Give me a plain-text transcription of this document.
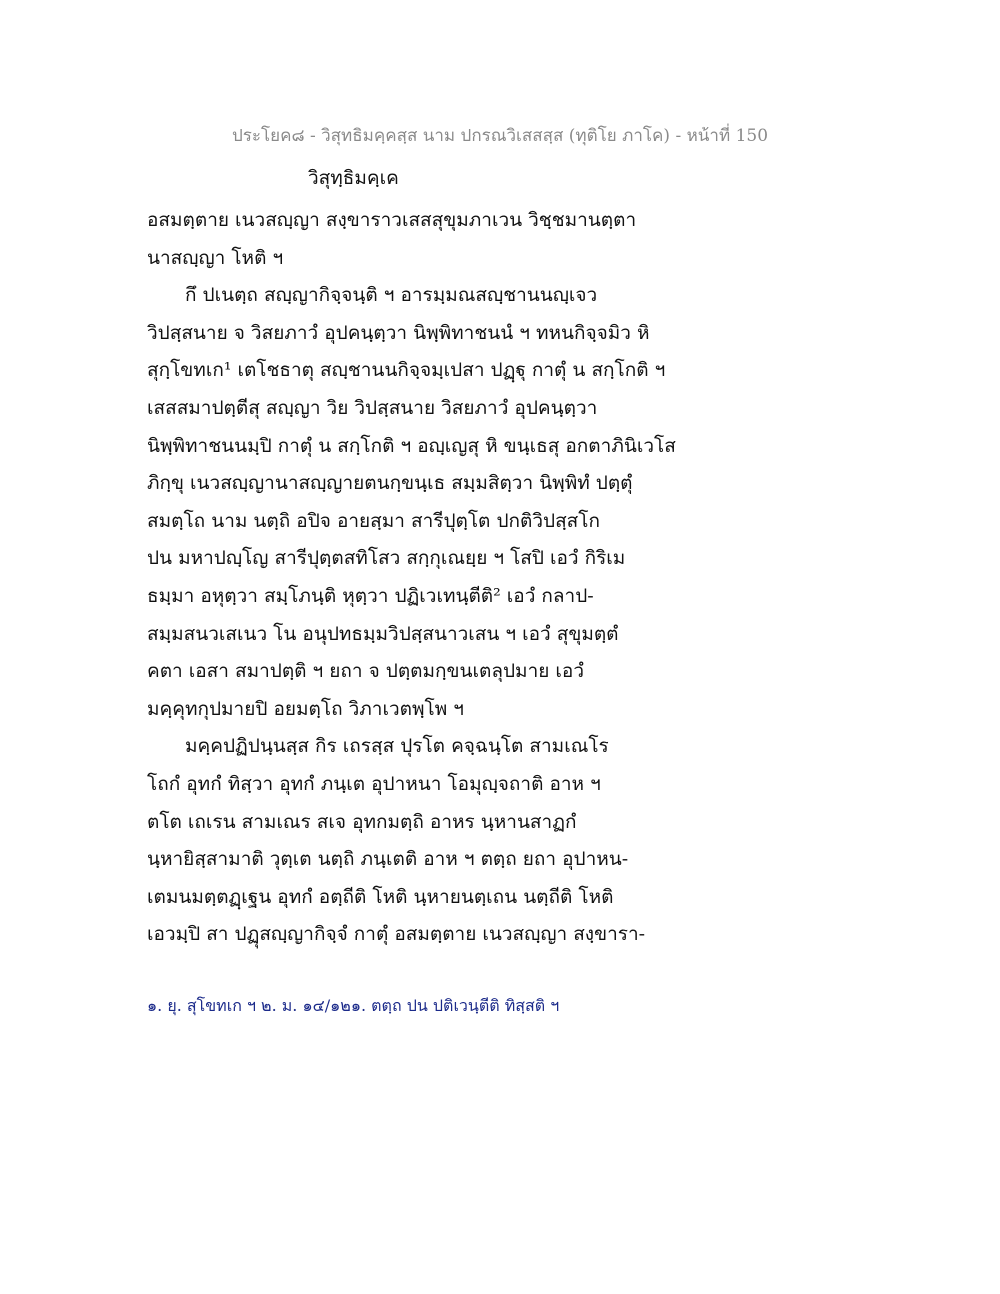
ประโยค๘ - วิสุทธิมคฺคสฺส นาม ปกรณวิเสสสฺส (ทุติโย ภาโค) - หน้าที่ 150
วิสุทฺธิมคฺเค
อสมตฺตาย เนวสญฺญา สงฺขาราวเสสสุขุมภาเวน วิชฺชมานตฺตา
นาสญฺญา โหติ ฯ
กึ ปเนตฺถ สญฺญากิจฺจนฺติ ฯ อารมฺมณสญฺชานนญฺเจว
วิปสฺสนาย จ วิสยภาวํ อุปคนฺตฺวา นิพฺพิทาชนนํ ฯ ทหนกิจฺจมิว หิ
สุกฺโขทเก¹ เตโชธาตุ สญฺชานนกิจฺจมฺเปสา ปฏฺฐุ กาตุํ น สกฺโกติ ฯ
เสสสมาปตฺตีสุ สญฺญา วิย วิปสฺสนาย วิสยภาวํ อุปคนฺตฺวา
นิพฺพิทาชนนมฺปิ กาตุํ น สกฺโกติ ฯ อญฺเญสุ หิ ขนฺเธสุ อกตาภินิเวโส
ภิกฺขุ เนวสญฺญานาสญฺญายตนกฺขนฺเธ สมฺมสิตฺวา นิพฺพิทํ ปตฺตุํ
สมตฺโถ นาม นตฺถิ อปิจ อายสฺมา สารีปุตฺโต ปกติวิปสฺสโก
ปน มหาปญฺโญ สารีปุตฺตสทิโสว สกฺกุเณยฺย ฯ โสปิ เอวํ กิริเม
ธมฺมา อหุตฺวา สมฺโภนฺติ หุตฺวา ปฏิเวเทนฺตีติ² เอวํ กลาป-
สมฺมสนวเสเนว โน อนุปทธมฺมวิปสฺสนาวเสน ฯ เอวํ สุขุมตฺตํ
คตา เอสา สมาปตฺติ ฯ ยถา จ ปตฺตมกฺขนเตลุปมาย เอวํ
มคฺคุทกุปมายปิ อยมตฺโถ วิภาเวตพฺโพ ฯ
มคฺคปฏิปนฺนสฺส กิร เถรสฺส ปุรโต คจฺฉนฺโต สามเณโร
โถกํ อุทกํ ทิสฺวา อุทกํ ภนฺเต อุปาหนา โอมุญฺจถาติ อาห ฯ
ตโต เถเรน สามเณร สเจ อุทกมตฺถิ อาหร นฺหานสาฏกํ
นฺหายิสฺสามาติ วุตฺเต นตฺถิ ภนฺเตติ อาห ฯ ตตฺถ ยถา อุปาหน-
เตมนมตฺตฏฺเฐน อุทกํ อตฺถีติ โหติ นฺหายนตฺเถน นตฺถีติ โหติ
เอวมฺปิ สา ปฏุสญฺญากิจฺจํ กาตุํ อสมตฺตาย เนวสญฺญา สงฺขารา-
๑. ยุ. สุโขทเก ฯ ๒. ม. ๑๔/๑๒๑. ตตฺถ ปน ปติเวนฺตีติ ทิสฺสติ ฯ
